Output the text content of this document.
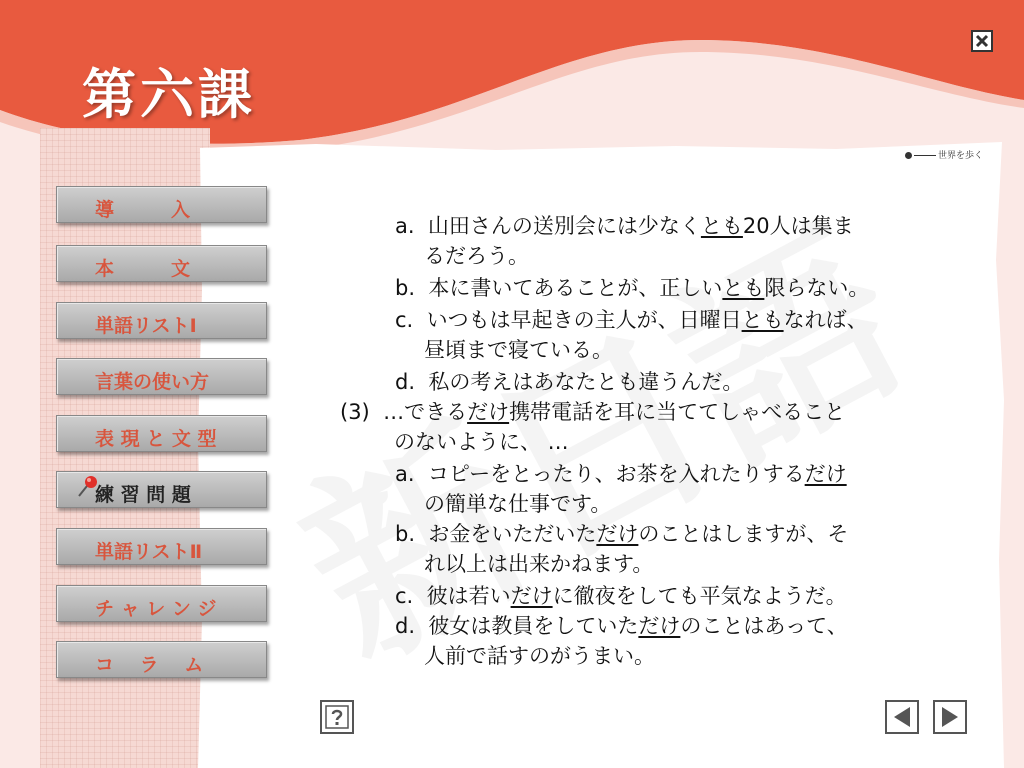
第六課
世界を歩く
導　　　入
本　　　文
単語リストⅠ
言葉の使い方
表 現 と 文 型
練 習 問 題
単語リストⅡ
チ ャ レ ン ジ
コ　 ラ　 ム
a. 山田さんの送別会には少なくとも20人は集ま
るだろう。
b. 本に書いてあることが、正しいとも限らない。
c. いつもは早起きの主人が、日曜日ともなれば、
昼頃まで寝ている。
d. 私の考えはあなたとも違うんだ。
(3) …できるだけ携帯電話を耳に当ててしゃべること
のないように、 …
a. コピーをとったり、お茶を入れたりするだけ
の簡単な仕事です。
b. お金をいただいただけのことはしますが、そ
れ以上は出来かねます。
c. 彼は若いだけに徹夜をしても平気なようだ。
d. 彼女は教員をしていただけのことはあって、
人前で話すのがうまい。
